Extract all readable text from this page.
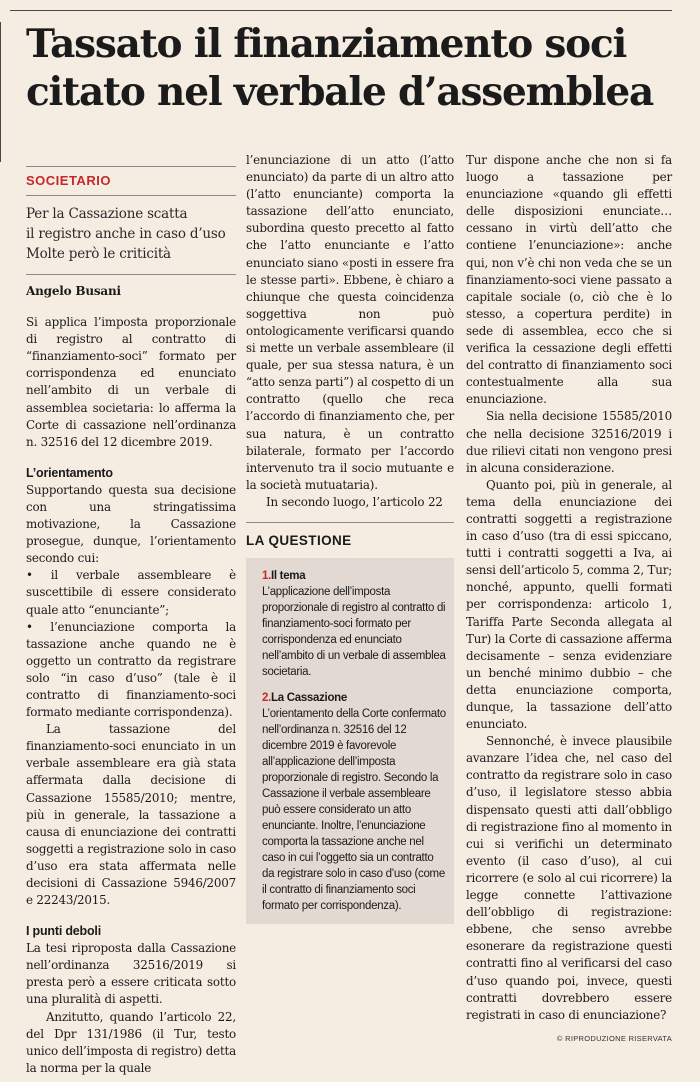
Tassato il finanziamento soci
citato nel verbale d’assemblea
SOCIETARIO
Per la Cassazione scatta
il registro anche in caso d’uso
Molte però le criticità
Angelo Busani

Si applica l’imposta proporzionale di registro al contratto di “finanziamento-soci” formato per corrispondenza ed enunciato nell’ambito di un verbale di assemblea societaria: lo afferma la Corte di cassazione nell’ordinanza n. 32516 del 12 dicembre 2019.

L’orientamento

Supportando questa sua decisione con una stringatissima motivazione, la Cassazione prosegue, dunque, l’orientamento secondo cui:

• il verbale assembleare è suscettibile di essere considerato quale atto “enunciante”;

• l’enunciazione comporta la tassazione anche quando ne è oggetto un contratto da registrare solo “in caso d’uso” (tale è il contratto di finanziamento-soci formato mediante corrispondenza).

La tassazione del finanziamento-soci enunciato in un verbale assembleare era già stata affermata dalla decisione di Cassazione 15585/2010; mentre, più in generale, la tassazione a causa di enunciazione dei contratti soggetti a registrazione solo in caso d’uso era stata affermata nelle decisioni di Cassazione 5946/2007 e 22243/2015.

I punti deboli

La tesi riproposta dalla Cassazione nell’ordinanza 32516/2019 si presta però a essere criticata sotto una pluralità di aspetti.

Anzitutto, quando l’articolo 22, del Dpr 131/1986 (il Tur, testo unico dell’imposta di registro) detta la norma per la quale

l’enunciazione di un atto (l’atto enunciato) da parte di un altro atto (l’atto enunciante) comporta la tassazione dell’atto enunciato, subordina questo precetto al fatto che l’atto enunciante e l’atto enunciato siano «posti in essere fra le stesse parti». Ebbene, è chiaro a chiunque che questa coincidenza soggettiva non può ontologicamente verificarsi quando si mette un verbale assembleare (il quale, per sua stessa natura, è un “atto senza parti”) al cospetto di un contratto (quello che reca l’accordo di finanziamento che, per sua natura, è un contratto bilaterale, formato per l’accordo intervenuto tra il socio mutuante e la società mutuataria).

In secondo luogo, l’articolo 22

LA QUESTIONE

1.Il tema

L’applicazione dell’imposta proporzionale di registro al contratto di finanziamento-soci formato per corrispondenza ed enunciato nell’ambito di un verbale di assemblea societaria.

2.La Cassazione

L’orientamento della Corte confermato nell’ordinanza n. 32516 del 12 dicembre 2019 è favorevole all’applicazione dell’imposta proporzionale di registro. Secondo la Cassazione il verbale assembleare può essere considerato un atto enunciante. Inoltre, l’enunciazione comporta la tassazione anche nel caso in cui l’oggetto sia un contratto da registrare solo in caso d’uso (come il contratto di finanziamento soci formato per corrispondenza).

Tur dispone anche che non si fa luogo a tassazione per enunciazione «quando gli effetti delle disposizioni enunciate…cessano in virtù dell’atto che contiene l’enunciazione»: anche qui, non v’è chi non veda che se un finanziamento-soci viene passato a capitale sociale (o, ciò che è lo stesso, a copertura perdite) in sede di assemblea, ecco che si verifica la cessazione degli effetti del contratto di finanziamento soci contestualmente alla sua enunciazione.

Sia nella decisione 15585/2010 che nella decisione 32516/2019 i due rilievi citati non vengono presi in alcuna considerazione.

Quanto poi, più in generale, al tema della enunciazione dei contratti soggetti a registrazione in caso d’uso (tra di essi spiccano, tutti i contratti soggetti a Iva, ai sensi dell’articolo 5, comma 2, Tur; nonché, appunto, quelli formati per corrispondenza: articolo 1, Tariffa Parte Seconda allegata al Tur) la Corte di cassazione afferma decisamente – senza evidenziare un benché minimo dubbio – che detta enunciazione comporta, dunque, la tassazione dell’atto enunciato.

Sennonché, è invece plausibile avanzare l’idea che, nel caso del contratto da registrare solo in caso d’uso, il legislatore stesso abbia dispensato questi atti dall’obbligo di registrazione fino al momento in cui si verifichi un determinato evento (il caso d’uso), al cui ricorrere (e solo al cui ricorrere) la legge connette l’attivazione dell’obbligo di registrazione: ebbene, che senso avrebbe esonerare da registrazione questi contratti fino al verificarsi del caso d’uso quando poi, invece, questi contratti dovrebbero essere registrati in caso di enunciazione?

© RIPRODUZIONE RISERVATA
